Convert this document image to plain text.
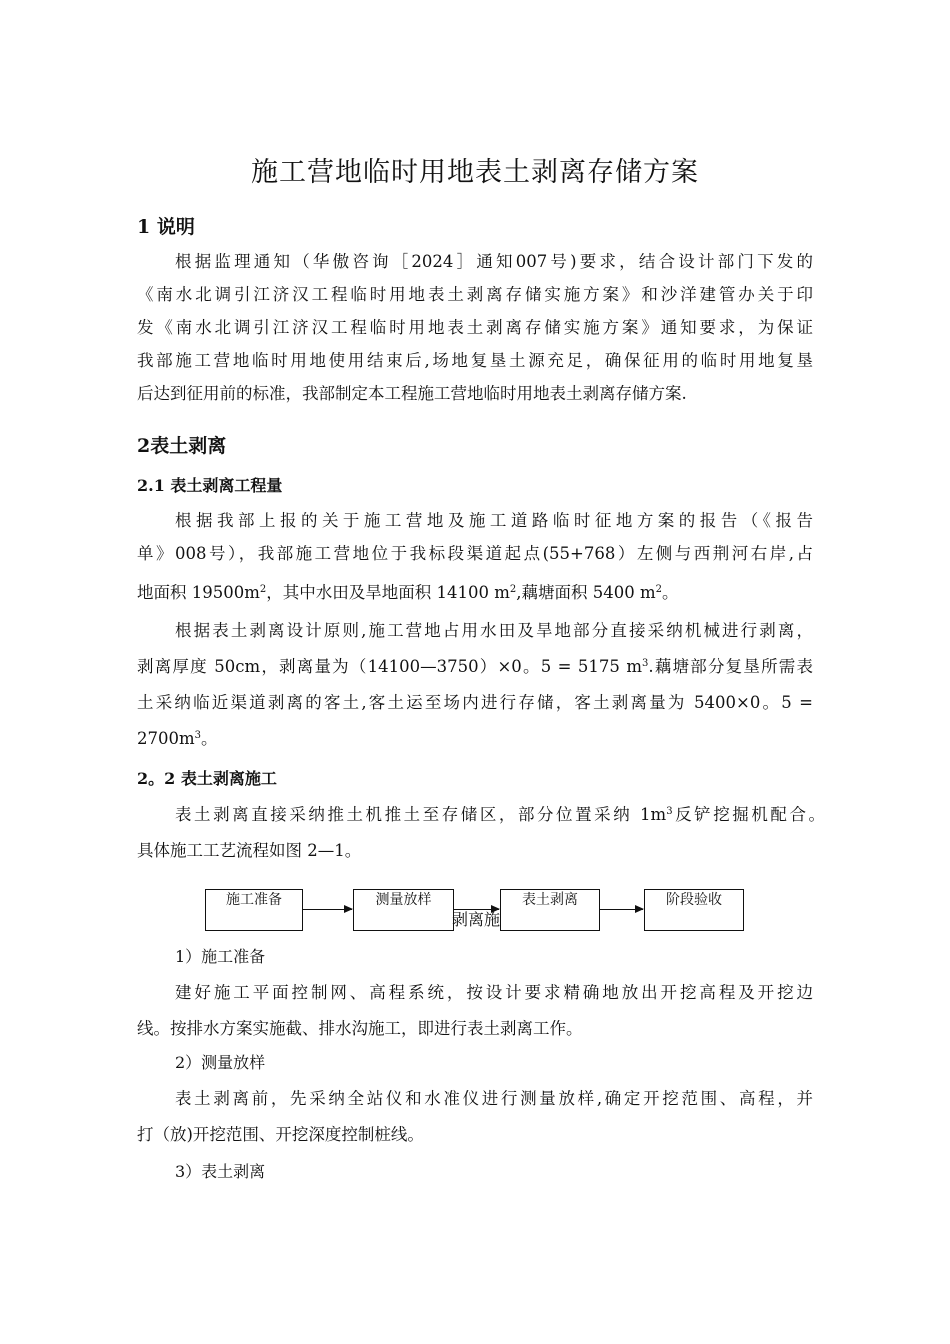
施工营地临时用地表土剥离存储方案
1 说明
根据监理通知（华傲咨询［2024］通知007号)要求，结合设计部门下发的
《南水北调引江济汉工程临时用地表土剥离存储实施方案》和沙洋建管办关于印
发《南水北调引江济汉工程临时用地表土剥离存储实施方案》通知要求，为保证
我部施工营地临时用地使用结束后,场地复垦土源充足，确保征用的临时用地复垦
后达到征用前的标准，我部制定本工程施工营地临时用地表土剥离存储方案.
2表土剥离
2.1 表土剥离工程量
根据我部上报的关于施工营地及施工道路临时征地方案的报告（《报告
单》008号），我部施工营地位于我标段渠道起点(55+768）左侧与西荆河右岸,占
地面积 $19500m^2$，其中水田及旱地面积 14100 $m^2$,藕塘面积 5400 $m^2$。
根据表土剥离设计原则,施工营地占用水田及旱地部分直接采纳机械进行剥离，
剥离厚度 50cm，剥离量为（14100—3750）×0。5 = 5175 $m^3$.藕塘部分复垦所需表
土采纳临近渠道剥离的客土,客土运至场内进行存储，客土剥离量为 5400×0。5 =
$2700m^3$。
2。2 表土剥离施工
表土剥离直接采纳推土机推土至存储区，部分位置采纳 $1m^3$反铲挖掘机配合。
具体施工工艺流程如图 2—1。
施工准备	测量放样
剥离施
表土剥离	阶段验收
1）施工准备
建好施工平面控制网、高程系统，按设计要求精确地放出开挖高程及开挖边
线。按排水方案实施截、排水沟施工，即进行表土剥离工作。
2）测量放样
表土剥离前，先采纳全站仪和水准仪进行测量放样,确定开挖范围、高程，并
打（放)开挖范围、开挖深度控制桩线。
3）表土剥离
